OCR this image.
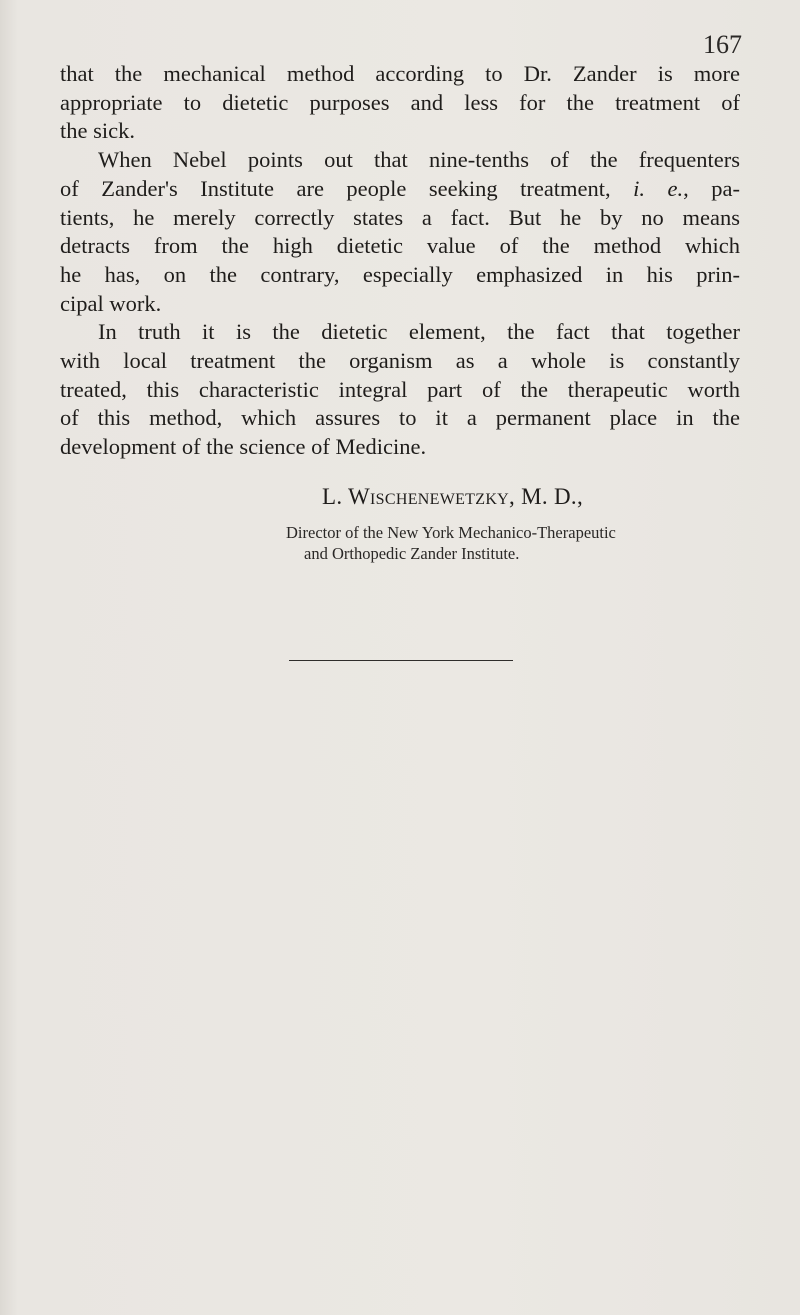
167

that the mechanical method according to Dr. Zander is more
appropriate to dietetic purposes and less for the treatment of
the sick.

When Nebel points out that nine-tenths of the frequenters
of Zander's Institute are people seeking treatment, i. e., pa-
tients, he merely correctly states a fact. But he by no means
detracts from the high dietetic value of the method which
he has, on the contrary, especially emphasized in his prin-
cipal work.

In truth it is the dietetic element, the fact that together
with local treatment the organism as a whole is constantly
treated, this characteristic integral part of the therapeutic worth
of this method, which assures to it a permanent place in the
development of the science of Medicine.

L. Wischenewetzky, M. D.,
Director of the New York Mechanico-Therapeutic
and Orthopedic Zander Institute.
